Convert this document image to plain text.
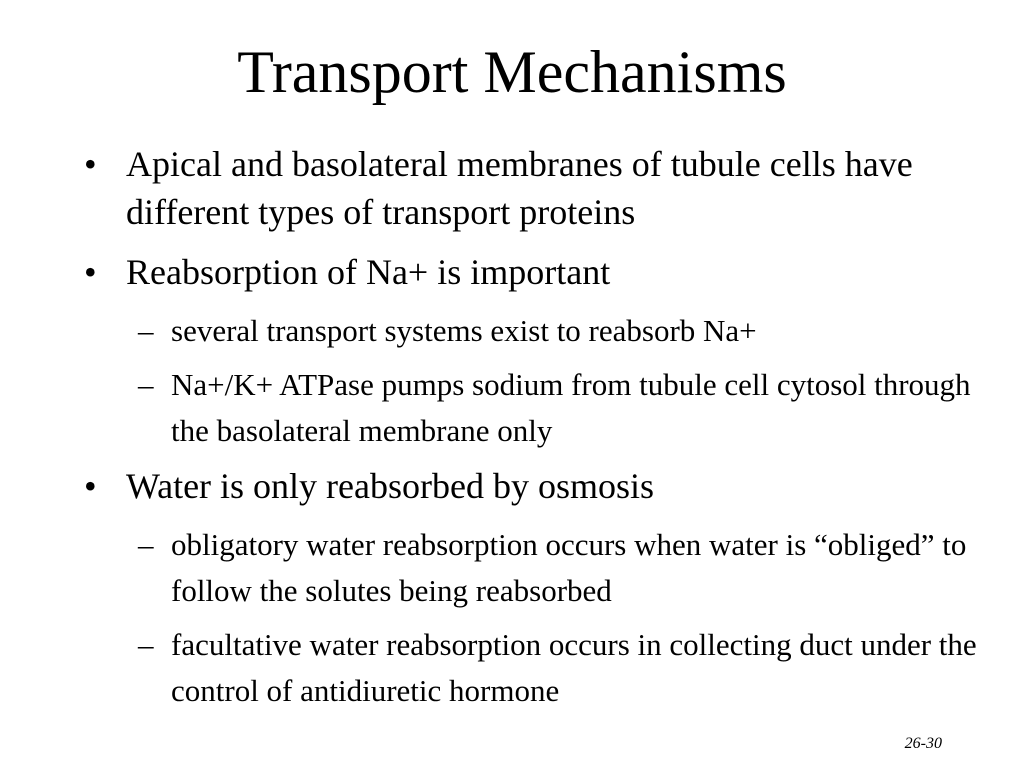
Transport Mechanisms
• Apical and basolateral membranes of tubule cells have different types of transport proteins
• Reabsorption of Na+ is important
– several transport systems exist to reabsorb Na+
– Na+/K+ ATPase pumps sodium from tubule cell cytosol through the basolateral membrane only
• Water is only reabsorbed by osmosis
– obligatory water reabsorption occurs when water is “obliged” to follow the solutes being reabsorbed
– facultative water reabsorption occurs in collecting duct under the control of antidiuretic hormone
26-30
